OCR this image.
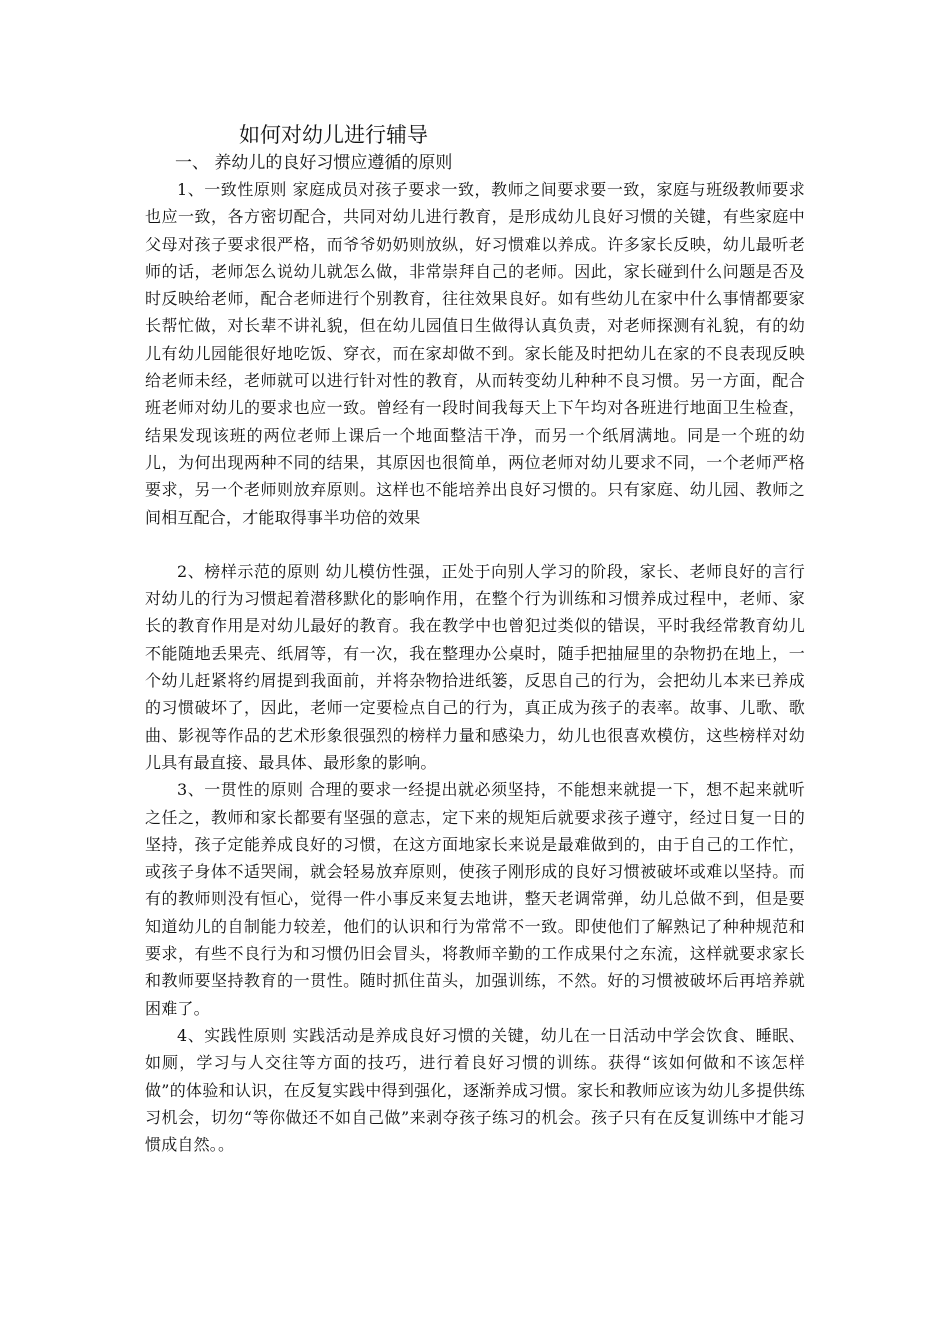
如何对幼儿进行辅导
一、 养幼儿的良好习惯应遵循的原则

1、一致性原则 家庭成员对孩子要求一致，教师之间要求要一致，家庭与班级教师要求也应一致，各方密切配合，共同对幼儿进行教育，是形成幼儿良好习惯的关键，有些家庭中父母对孩子要求很严格，而爷爷奶奶则放纵，好习惯难以养成。许多家长反映，幼儿最听老师的话，老师怎么说幼儿就怎么做，非常崇拜自己的老师。因此，家长碰到什么问题是否及时反映给老师，配合老师进行个别教育，往往效果良好。如有些幼儿在家中什么事情都要家长帮忙做，对长辈不讲礼貌，但在幼儿园值日生做得认真负责，对老师探测有礼貌，有的幼儿有幼儿园能很好地吃饭、穿衣，而在家却做不到。家长能及时把幼儿在家的不良表现反映给老师未经，老师就可以进行针对性的教育，从而转变幼儿种种不良习惯。另一方面，配合班老师对幼儿的要求也应一致。曾经有一段时间我每天上下午均对各班进行地面卫生检查，结果发现该班的两位老师上课后一个地面整洁干净，而另一个纸屑满地。同是一个班的幼儿，为何出现两种不同的结果，其原因也很简单，两位老师对幼儿要求不同，一个老师严格要求，另一个老师则放弃原则。这样也不能培养出良好习惯的。只有家庭、幼儿园、教师之间相互配合，才能取得事半功倍的效果

2、榜样示范的原则 幼儿模仿性强，正处于向别人学习的阶段，家长、老师良好的言行对幼儿的行为习惯起着潜移默化的影响作用，在整个行为训练和习惯养成过程中，老师、家长的教育作用是对幼儿最好的教育。我在教学中也曾犯过类似的错误，平时我经常教育幼儿不能随地丢果壳、纸屑等，有一次，我在整理办公桌时，随手把抽屉里的杂物扔在地上，一个幼儿赶紧将约屑提到我面前，并将杂物拾进纸篓，反思自己的行为，会把幼儿本来已养成的习惯破坏了，因此，老师一定要检点自己的行为，真正成为孩子的表率。故事、儿歌、歌曲、影视等作品的艺术形象很强烈的榜样力量和感染力，幼儿也很喜欢模仿，这些榜样对幼儿具有最直接、最具体、最形象的影响。

3、一贯性的原则 合理的要求一经提出就必须坚持，不能想来就提一下，想不起来就听之任之，教师和家长都要有坚强的意志，定下来的规矩后就要求孩子遵守，经过日复一日的坚持，孩子定能养成良好的习惯，在这方面地家长来说是最难做到的，由于自己的工作忙，或孩子身体不适哭闹，就会轻易放弃原则，使孩子刚形成的良好习惯被破坏或难以坚持。而有的教师则没有恒心，觉得一件小事反来复去地讲，整天老调常弹，幼儿总做不到，但是要知道幼儿的自制能力较差，他们的认识和行为常常不一致。即使他们了解熟记了种种规范和要求，有些不良行为和习惯仍旧会冒头，将教师辛勤的工作成果付之东流，这样就要求家长和教师要坚持教育的一贯性。随时抓住苗头，加强训练，不然。好的习惯被破坏后再培养就困难了。

4、实践性原则 实践活动是养成良好习惯的关键，幼儿在一日活动中学会饮食、睡眠、如厕，学习与人交往等方面的技巧，进行着良好习惯的训练。获得“该如何做和不该怎样做”的体验和认识，在反复实践中得到强化，逐渐养成习惯。家长和教师应该为幼儿多提供练习机会，切勿“等你做还不如自己做”来剥夺孩子练习的机会。孩子只有在反复训练中才能习惯成自然。。
